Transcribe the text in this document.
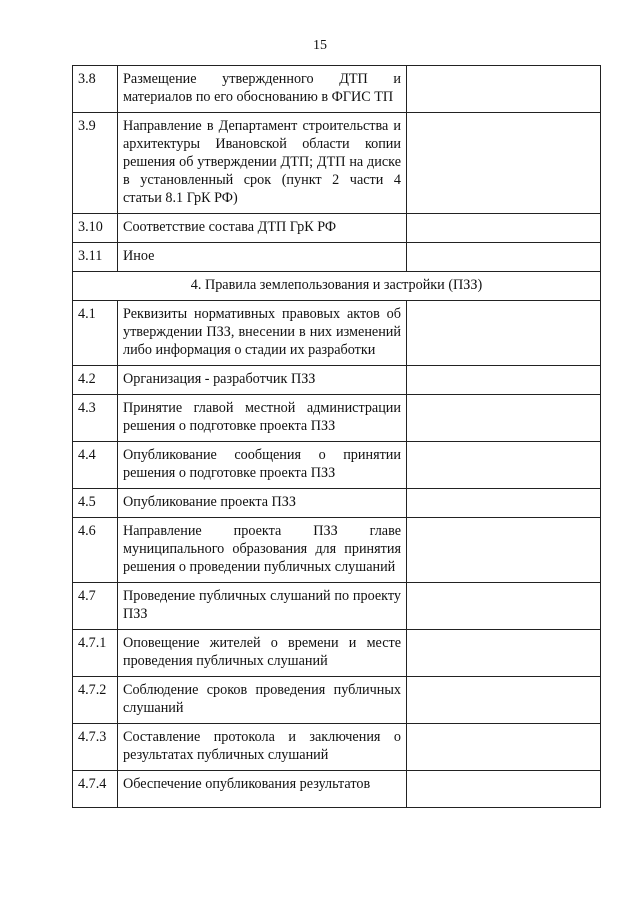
15
3.8	Размещение утвержденного ДТП и материалов по его обоснованию в ФГИС ТП	
3.9	Направление в Департамент строительства и архитектуры Ивановской области копии решения об утверждении ДТП; ДТП на диске в установленный срок (пункт 2 части 4 статьи 8.1 ГрК РФ)	
3.10	Соответствие состава ДТП ГрК РФ	
3.11	Иное	
4. Правила землепользования и застройки (ПЗЗ)		
4.1	Реквизиты нормативных правовых актов об утверждении ПЗЗ, внесении в них изменений либо информация о стадии их разработки	
4.2	Организация - разработчик ПЗЗ	
4.3	Принятие главой местной администрации решения о подготовке проекта ПЗЗ	
4.4	Опубликование сообщения о принятии решения о подготовке проекта ПЗЗ	
4.5	Опубликование проекта ПЗЗ	
4.6	Направление проекта ПЗЗ главе муниципального образования для принятия решения о проведении публичных слушаний	
4.7	Проведение публичных слушаний по проекту ПЗЗ	
4.7.1	Оповещение жителей о времени и месте проведения публичных слушаний	
4.7.2	Соблюдение сроков проведения публичных слушаний	
4.7.3	Составление протокола и заключения о результатах публичных слушаний	
4.7.4	Обеспечение опубликования результатов	
